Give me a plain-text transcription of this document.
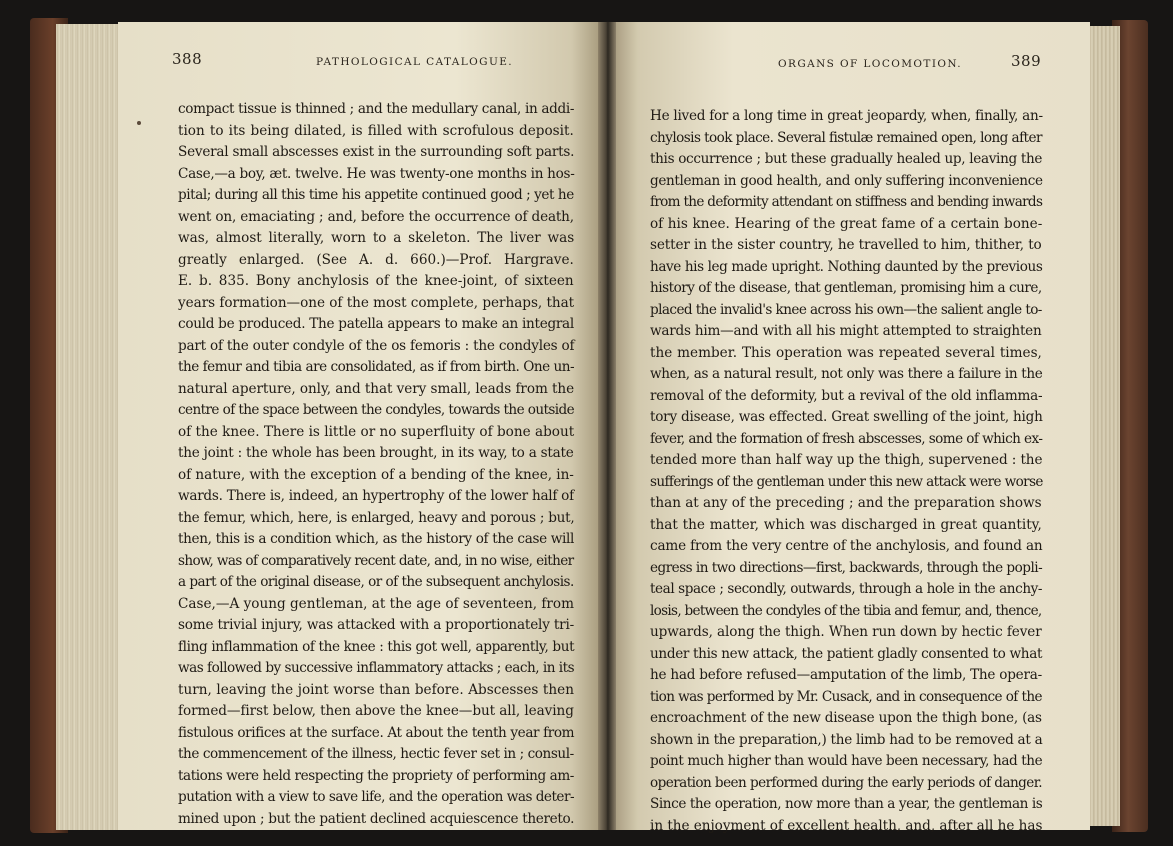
388	PATHOLOGICAL CATALOGUE.	ORGANS OF LOCOMOTION.	389
compact tissue is thinned ; and the medullary canal, in addi-
tion to its being dilated, is filled with scrofulous deposit.
Several small abscesses exist in the surrounding soft parts.
Case,—a boy, æt. twelve. He was twenty-one months in hos-
pital; during all this time his appetite continued good ; yet he
went on, emaciating ; and, before the occurrence of death,
was, almost literally, worn to a skeleton. The liver was
greatly enlarged. (See A. d. 660.)—Prof. Hargrave.
E. b. 835. Bony anchylosis of the knee-joint, of sixteen
years formation—one of the most complete, perhaps, that
could be produced. The patella appears to make an integral
part of the outer condyle of the os femoris : the condyles of
the femur and tibia are consolidated, as if from birth. One un-
natural aperture, only, and that very small, leads from the
centre of the space between the condyles, towards the outside
of the knee. There is little or no superfluity of bone about
the joint : the whole has been brought, in its way, to a state
of nature, with the exception of a bending of the knee, in-
wards. There is, indeed, an hypertrophy of the lower half of
the femur, which, here, is enlarged, heavy and porous ; but,
then, this is a condition which, as the history of the case will
show, was of comparatively recent date, and, in no wise, either
a part of the original disease, or of the subsequent anchylosis.
Case,—A young gentleman, at the age of seventeen, from
some trivial injury, was attacked with a proportionately tri-
fling inflammation of the knee : this got well, apparently, but
was followed by successive inflammatory attacks ; each, in its
turn, leaving the joint worse than before. Abscesses then
formed—first below, then above the knee—but all, leaving
fistulous orifices at the surface. At about the tenth year from
the commencement of the illness, hectic fever set in ; consul-
tations were held respecting the propriety of performing am-
putation with a view to save life, and the operation was deter-
mined upon ; but the patient declined acquiescence thereto.
He lived for a long time in great jeopardy, when, finally, an-
chylosis took place. Several fistulæ remained open, long after
this occurrence ; but these gradually healed up, leaving the
gentleman in good health, and only suffering inconvenience
from the deformity attendant on stiffness and bending inwards
of his knee. Hearing of the great fame of a certain bone-
setter in the sister country, he travelled to him, thither, to
have his leg made upright. Nothing daunted by the previous
history of the disease, that gentleman, promising him a cure,
placed the invalid's knee across his own—the salient angle to-
wards him—and with all his might attempted to straighten
the member. This operation was repeated several times,
when, as a natural result, not only was there a failure in the
removal of the deformity, but a revival of the old inflamma-
tory disease, was effected. Great swelling of the joint, high
fever, and the formation of fresh abscesses, some of which ex-
tended more than half way up the thigh, supervened : the
sufferings of the gentleman under this new attack were worse
than at any of the preceding ; and the preparation shows
that the matter, which was discharged in great quantity,
came from the very centre of the anchylosis, and found an
egress in two directions—first, backwards, through the popli-
teal space ; secondly, outwards, through a hole in the anchy-
losis, between the condyles of the tibia and femur, and, thence,
upwards, along the thigh. When run down by hectic fever
under this new attack, the patient gladly consented to what
he had before refused—amputation of the limb, The opera-
tion was performed by Mr. Cusack, and in consequence of the
encroachment of the new disease upon the thigh bone, (as
shown in the preparation,) the limb had to be removed at a
point much higher than would have been necessary, had the
operation been performed during the early periods of danger.
Since the operation, now more than a year, the gentleman is
in the enjoyment of excellent health, and, after all he has
